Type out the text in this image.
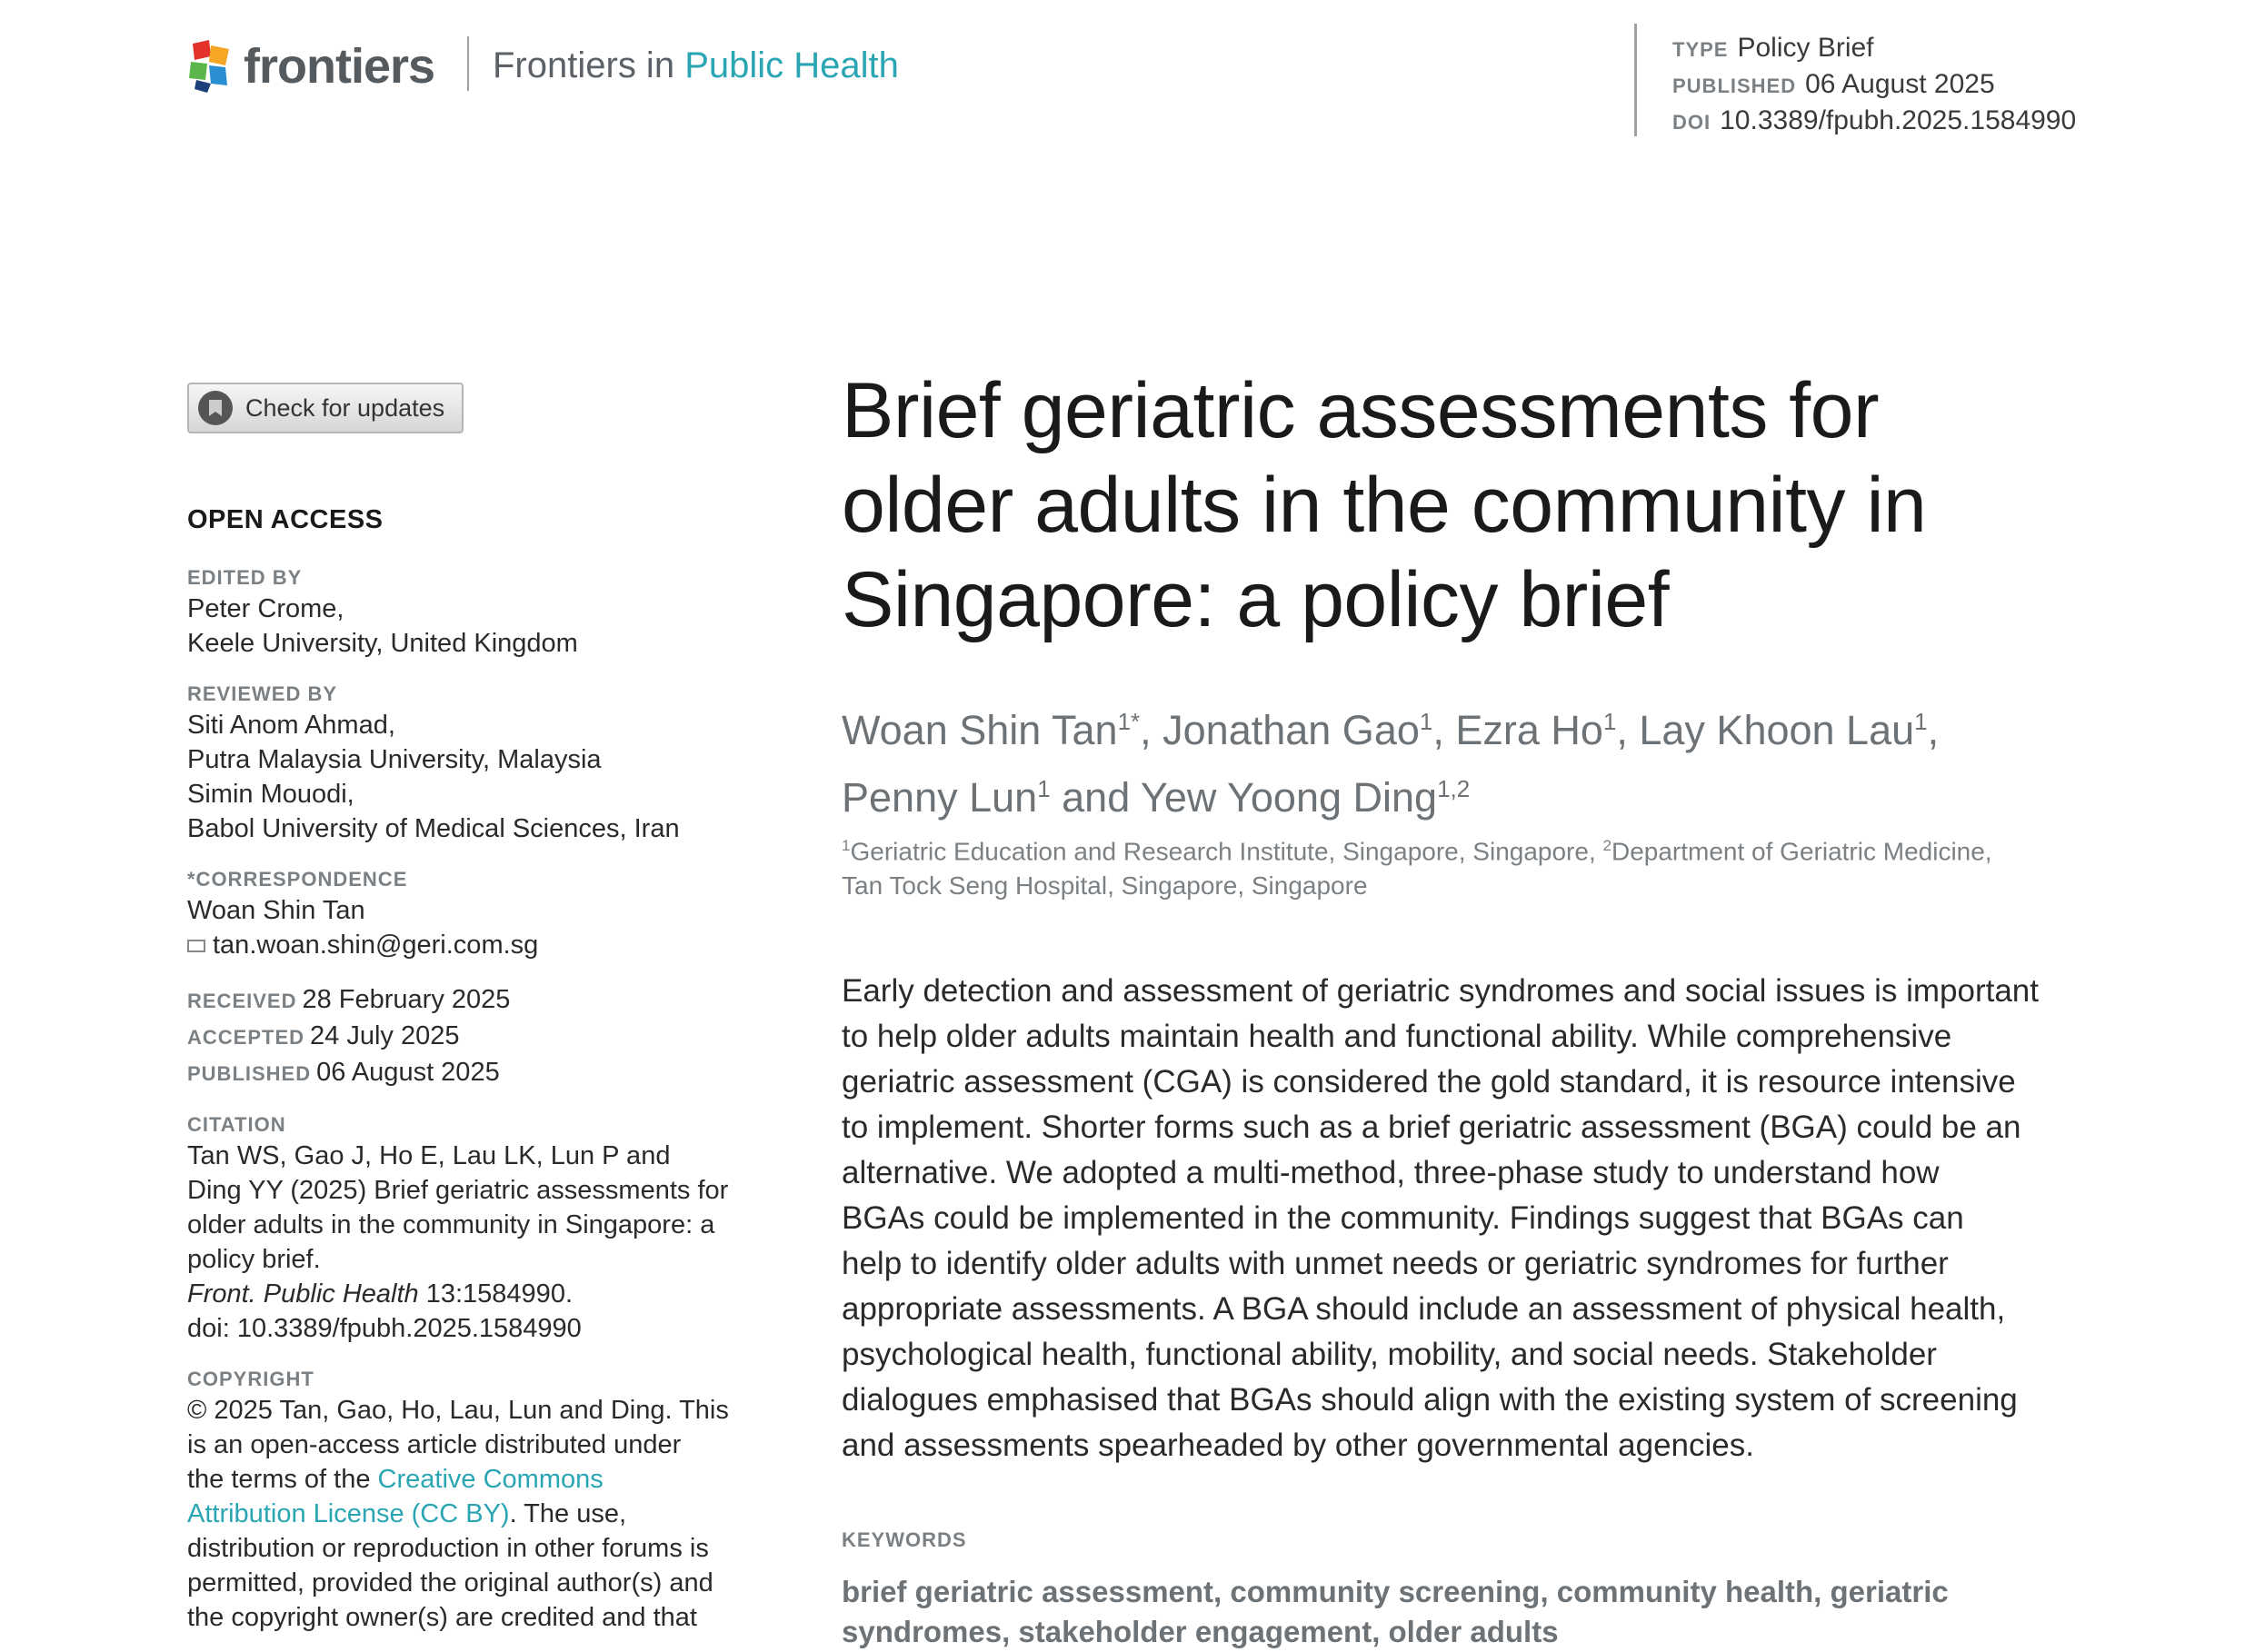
frontiers Frontiers in Public Health	TYPE Policy Brief
PUBLISHED 06 August 2025
DOI 10.3389/fpubh.2025.1584990
Check for updates
OPEN ACCESS
EDITED BY
Peter Crome,
Keele University, United Kingdom
REVIEWED BY
Siti Anom Ahmad,
Putra Malaysia University, Malaysia
Simin Mouodi,
Babol University of Medical Sciences, Iran
*CORRESPONDENCE
Woan Shin Tan
tan.woan.shin@geri.com.sg
RECEIVED 28 February 2025
ACCEPTED 24 July 2025
PUBLISHED 06 August 2025
CITATION
Tan WS, Gao J, Ho E, Lau LK, Lun P and
Ding YY (2025) Brief geriatric assessments for
older adults in the community in Singapore: a
policy brief.
Front. Public Health 13:1584990.
doi: 10.3389/fpubh.2025.1584990
COPYRIGHT
© 2025 Tan, Gao, Ho, Lau, Lun and Ding. This
is an open-access article distributed under
the terms of the Creative Commons
Attribution License (CC BY). The use,
distribution or reproduction in other forums is
permitted, provided the original author(s) and
the copyright owner(s) are credited and that
Brief geriatric assessments for
older adults in the community in
Singapore: a policy brief
Woan Shin Tan$^{1*}$, Jonathan Gao$^1$, Ezra Ho$^1$, Lay Khoon Lau$^1$,
Penny Lun$^1$ and Yew Yoong Ding$^{1,2}$
$^1$Geriatric Education and Research Institute, Singapore, Singapore, $^2$Department of Geriatric Medicine,
Tan Tock Seng Hospital, Singapore, Singapore
Early detection and assessment of geriatric syndromes and social issues is important
to help older adults maintain health and functional ability. While comprehensive
geriatric assessment (CGA) is considered the gold standard, it is resource intensive
to implement. Shorter forms such as a brief geriatric assessment (BGA) could be an
alternative. We adopted a multi-method, three-phase study to understand how
BGAs could be implemented in the community. Findings suggest that BGAs can
help to identify older adults with unmet needs or geriatric syndromes for further
appropriate assessments. A BGA should include an assessment of physical health,
psychological health, functional ability, mobility, and social needs. Stakeholder
dialogues emphasised that BGAs should align with the existing system of screening
and assessments spearheaded by other governmental agencies.
KEYWORDS
brief geriatric assessment, community screening, community health, geriatric
syndromes, stakeholder engagement, older adults
